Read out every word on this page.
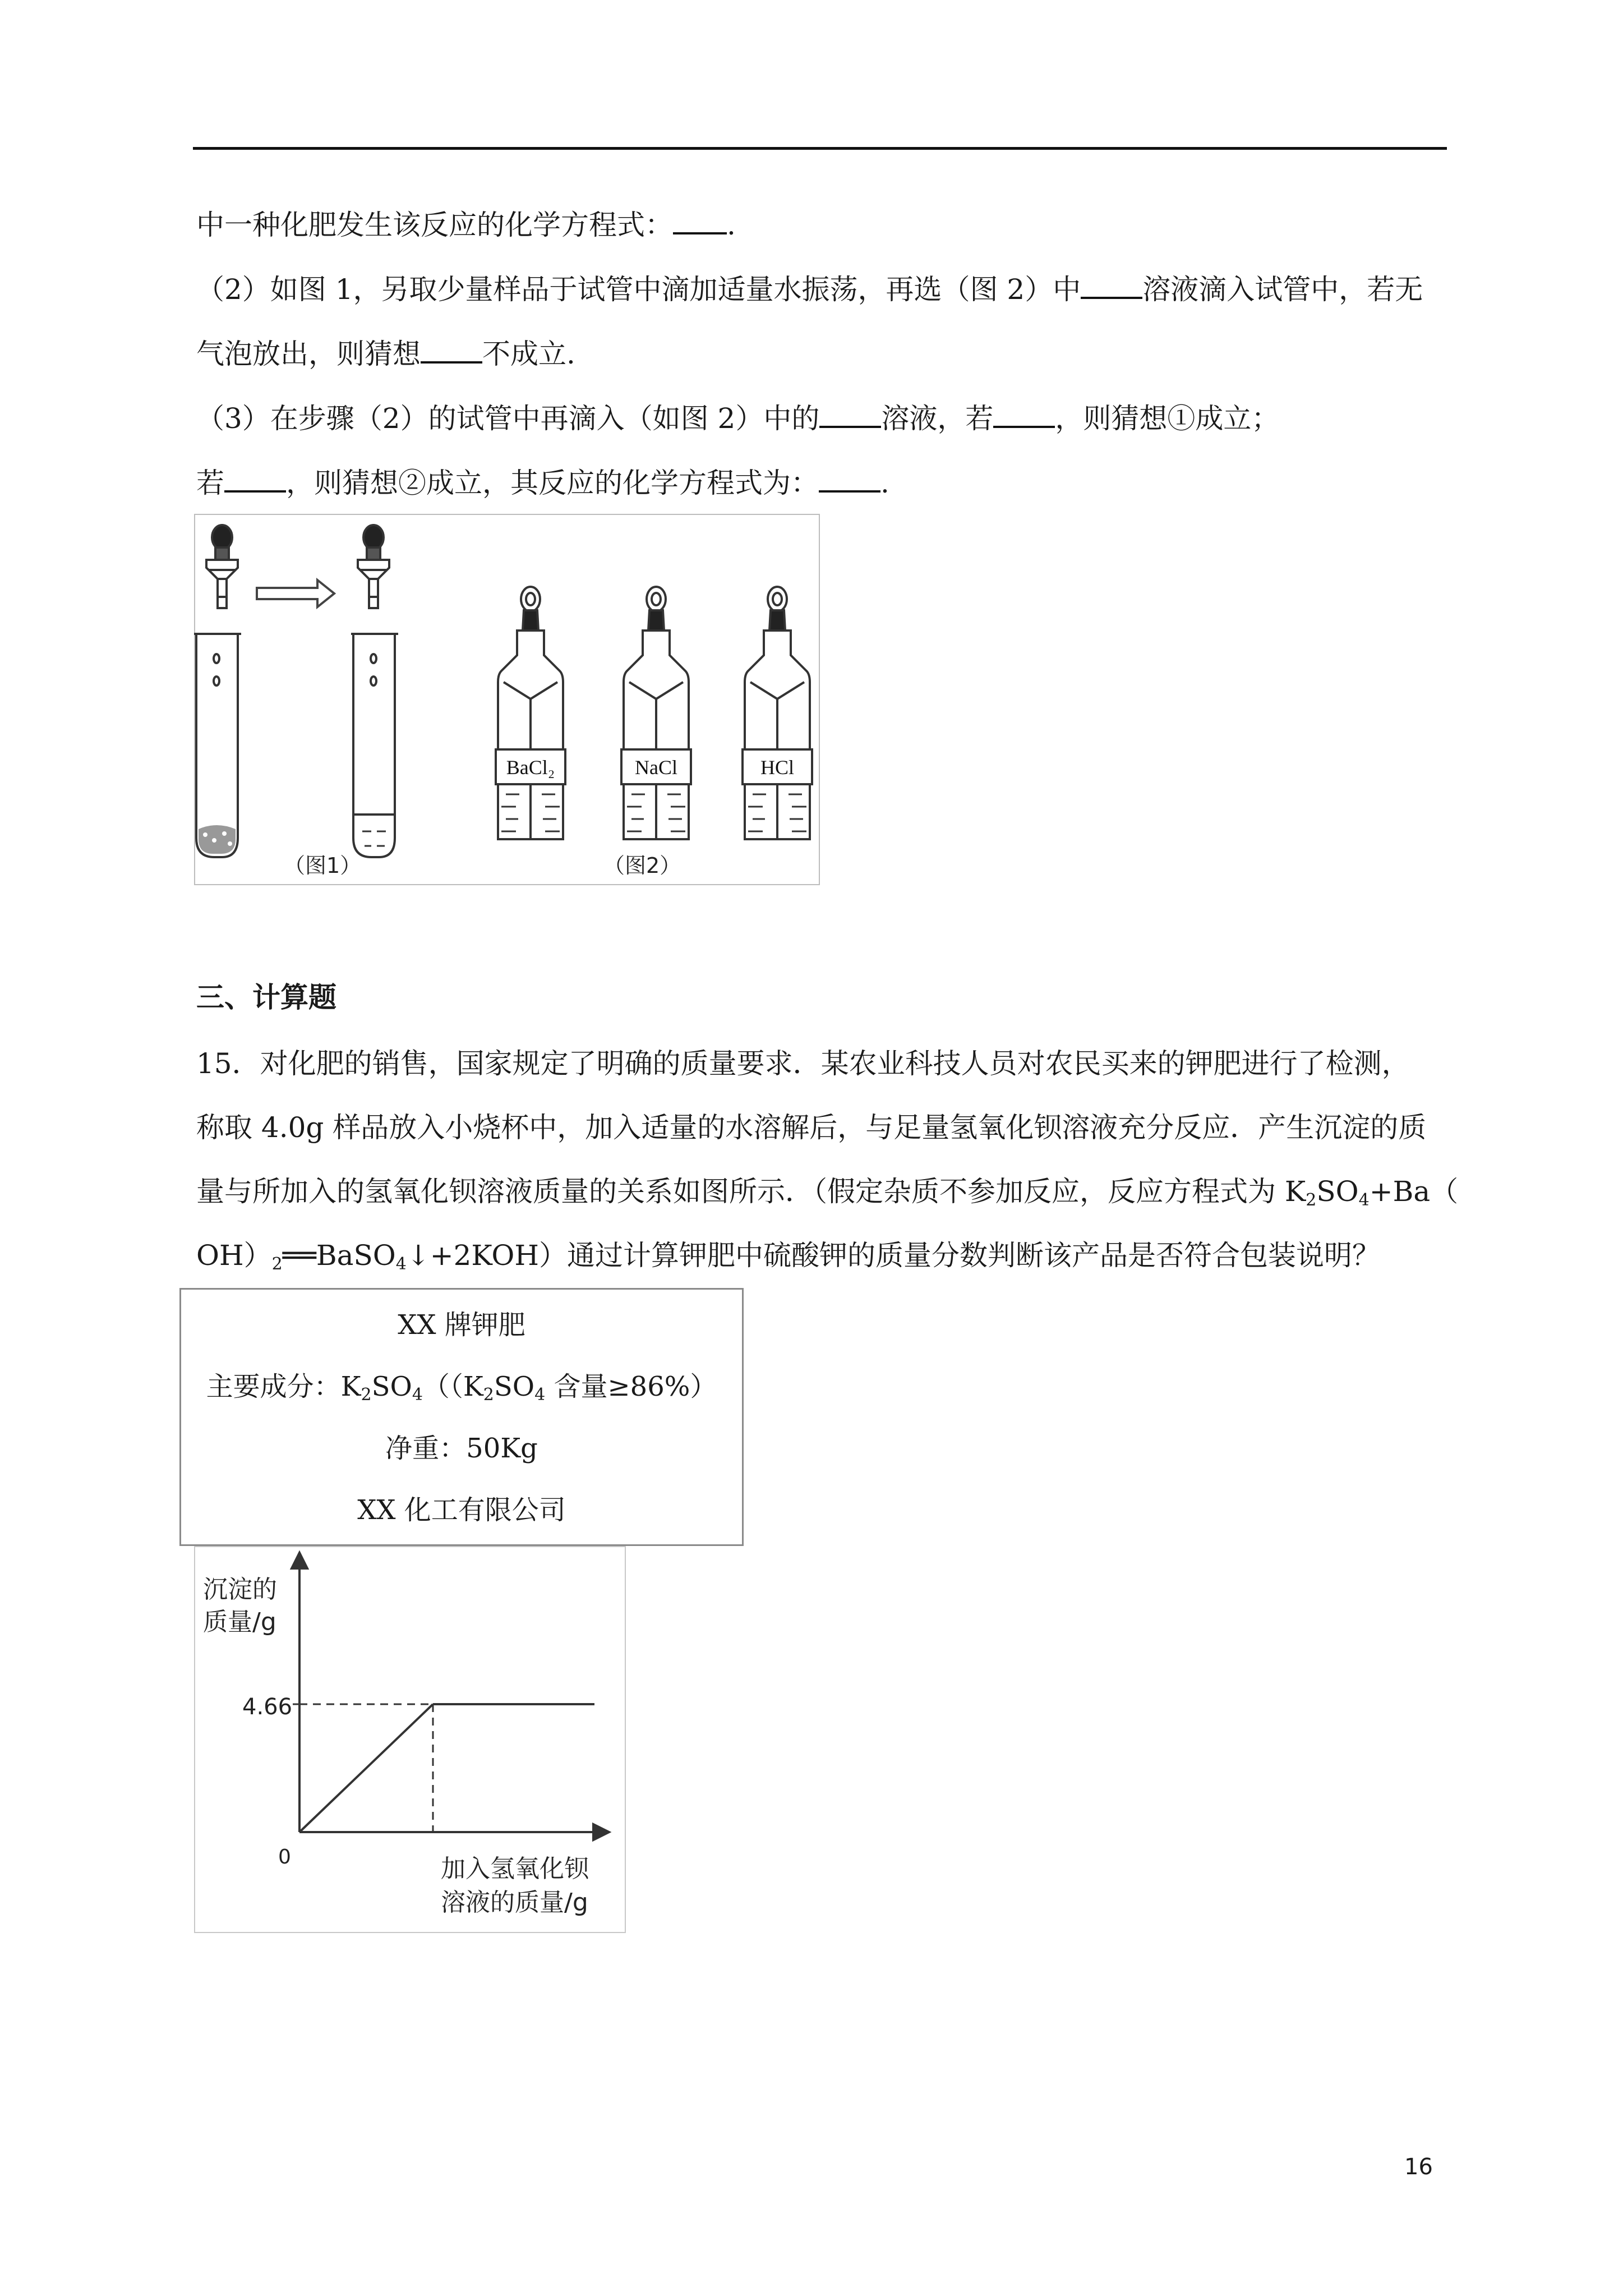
中一种化肥发生该反应的化学方程式： .
（2）如图 1，另取少量样品于试管中滴加适量水振荡，再选（图 2）中 溶液滴入试管中，若无
气泡放出，则猜想 不成立.
（3）在步骤（2）的试管中再滴入（如图 2）中的 溶液，若 ，则猜想①成立；
若 ，则猜想②成立，其反应的化学方程式为： .
BaCl₂	NaCl	HCl
（图1）	（图2）
三、计算题
15．对化肥的销售，国家规定了明确的质量要求．某农业科技人员对农民买来的钾肥进行了检测，
称取 4.0g 样品放入小烧杯中，加入适量的水溶解后，与足量氢氧化钡溶液充分反应．产生沉淀的质
量与所加入的氢氧化钡溶液质量的关系如图所示．（假定杂质不参加反应，反应方程式为 $K_2SO_4+Ba$（
$OH)_2══BaSO_4↓+2KOH$）通过计算钾肥中硫酸钾的质量分数判断该产品是否符合包装说明？
XX 牌钾肥
主要成分：$K_2SO_4((K_2SO_4$ 含量≥86%）
净重：50Kg
XX 化工有限公司
沉淀的
质量/g
4.66
0	加入氢氧化钡
溶液的质量/g
16
